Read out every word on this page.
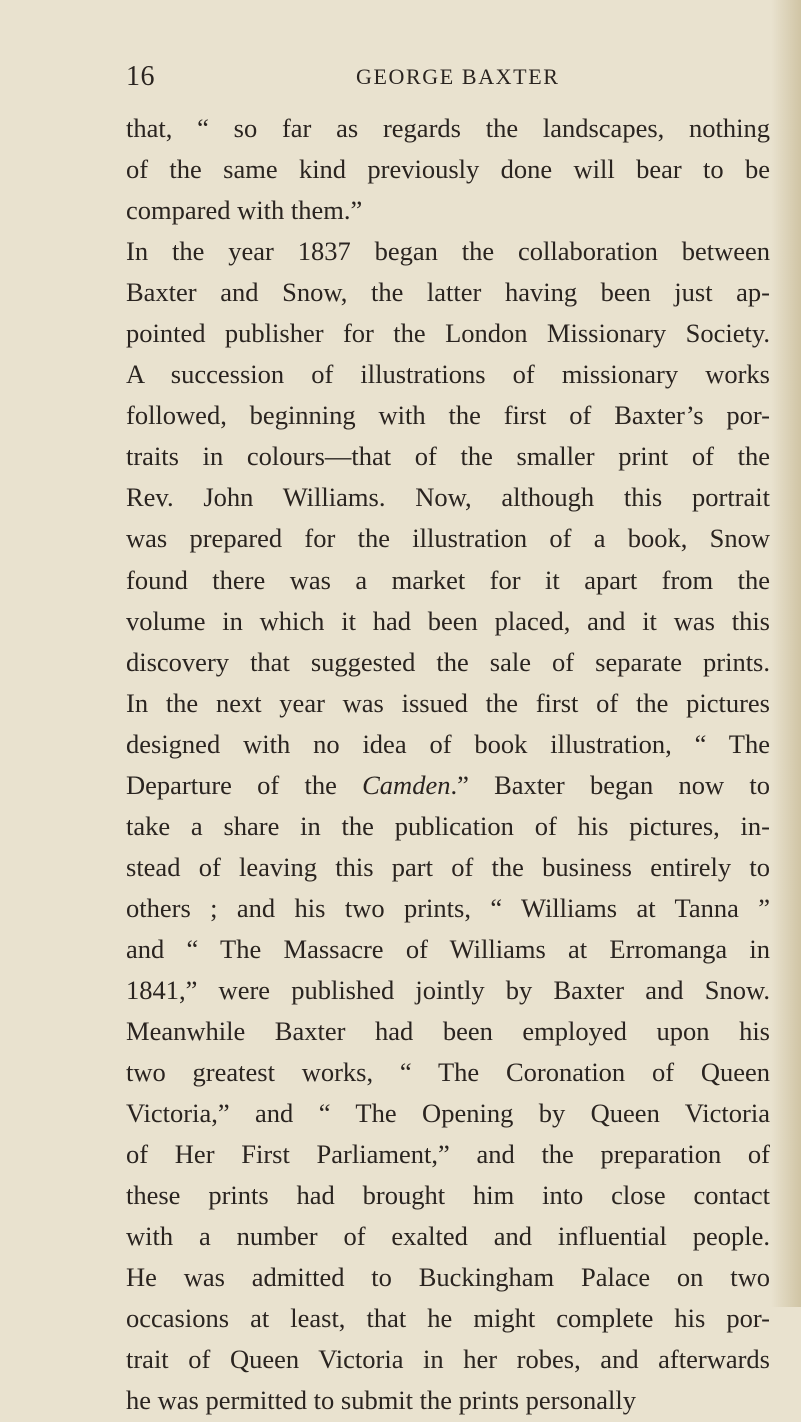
16	GEORGE BAXTER
that, “ so far as regards the landscapes, nothing
of the same kind previously done will bear to be
compared with them.”
In the year 1837 began the collaboration between
Baxter and Snow, the latter having been just ap-
pointed publisher for the London Missionary Society.
A succession of illustrations of missionary works
followed, beginning with the first of Baxter’s por-
traits in colours—that of the smaller print of the
Rev. John Williams. Now, although this portrait
was prepared for the illustration of a book, Snow
found there was a market for it apart from the
volume in which it had been placed, and it was this
discovery that suggested the sale of separate prints.
In the next year was issued the first of the pictures
designed with no idea of book illustration, “ The
Departure of the Camden.” Baxter began now to
take a share in the publication of his pictures, in-
stead of leaving this part of the business entirely to
others ; and his two prints, “ Williams at Tanna ”
and “ The Massacre of Williams at Erromanga in
1841,” were published jointly by Baxter and Snow.
Meanwhile Baxter had been employed upon his
two greatest works, “ The Coronation of Queen
Victoria,” and “ The Opening by Queen Victoria
of Her First Parliament,” and the preparation of
these prints had brought him into close contact
with a number of exalted and influential people.
He was admitted to Buckingham Palace on two
occasions at least, that he might complete his por-
trait of Queen Victoria in her robes, and afterwards
he was permitted to submit the prints personally
